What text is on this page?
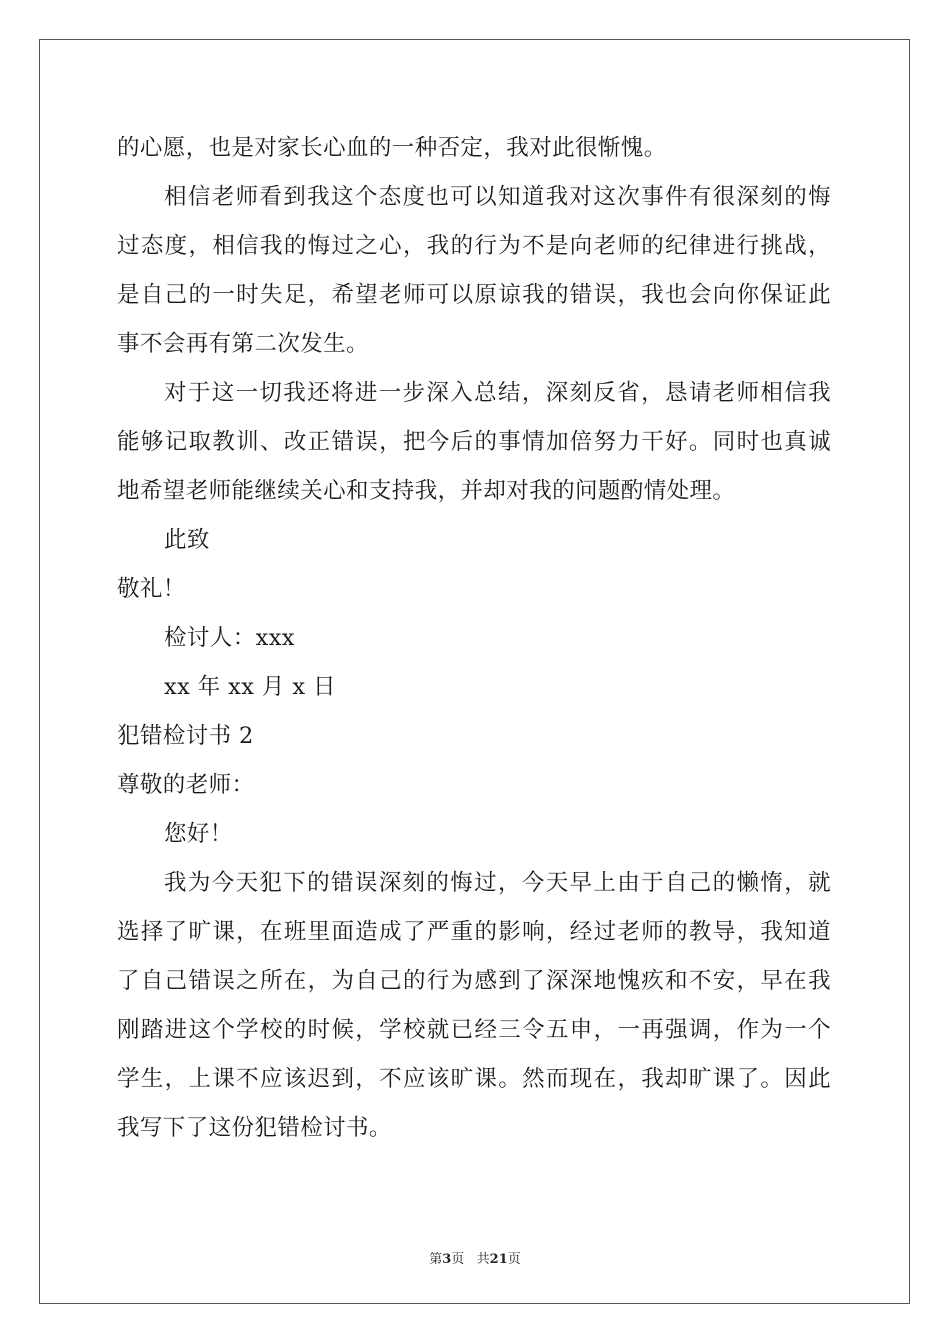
的心愿，也是对家长心血的一种否定，我对此很惭愧。
相信老师看到我这个态度也可以知道我对这次事件有很深刻的悔
过态度，相信我的悔过之心，我的行为不是向老师的纪律进行挑战，
是自己的一时失足，希望老师可以原谅我的错误，我也会向你保证此
事不会再有第二次发生。
对于这一切我还将进一步深入总结，深刻反省，恳请老师相信我
能够记取教训、改正错误，把今后的事情加倍努力干好。同时也真诚
地希望老师能继续关心和支持我，并却对我的问题酌情处理。
此致
敬礼！
检讨人：xxx
xx 年 xx 月 x 日
犯错检讨书 2
尊敬的老师：
您好！
我为今天犯下的错误深刻的悔过，今天早上由于自己的懒惰，就
选择了旷课，在班里面造成了严重的影响，经过老师的教导，我知道
了自己错误之所在，为自己的行为感到了深深地愧疚和不安，早在我
刚踏进这个学校的时候，学校就已经三令五申，一再强调，作为一个
学生，上课不应该迟到，不应该旷课。然而现在，我却旷课了。因此
我写下了这份犯错检讨书。
第3页   共21页
